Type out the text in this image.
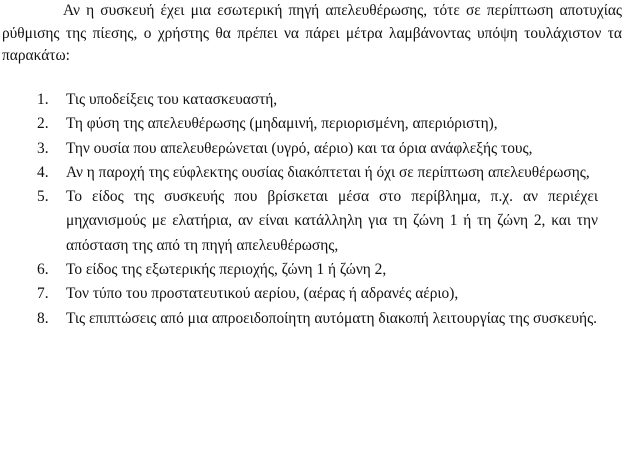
Αν η συσκευή έχει μια εσωτερική πηγή απελευθέρωσης, τότε σε περίπτωση αποτυχίας ρύθμισης της πίεσης, ο χρήστης θα πρέπει να πάρει μέτρα λαμβάνοντας υπόψη τουλάχιστον τα παρακάτω:

1. Τις υποδείξεις του κατασκευαστή,
2. Τη φύση της απελευθέρωσης (μηδαμινή, περιορισμένη, απεριόριστη),
3. Την ουσία που απελευθερώνεται (υγρό, αέριο) και τα όρια ανάφλεξής τους,
4. Αν η παροχή της εύφλεκτης ουσίας διακόπτεται ή όχι σε περίπτωση απελευθέρωσης,
5. Το είδος της συσκευής που βρίσκεται μέσα στο περίβλημα, π.χ. αν περιέχει μηχανισμούς με ελατήρια, αν είναι κατάλληλη για τη ζώνη 1 ή τη ζώνη 2, και την απόσταση της από τη πηγή απελευθέρωσης,
6. Το είδος της εξωτερικής περιοχής, ζώνη 1 ή ζώνη 2,
7. Τον τύπο του προστατευτικού αερίου, (αέρας ή αδρανές αέριο),
8. Τις επιπτώσεις από μια απροειδοποίητη αυτόματη διακοπή λειτουργίας της συσκευής.
